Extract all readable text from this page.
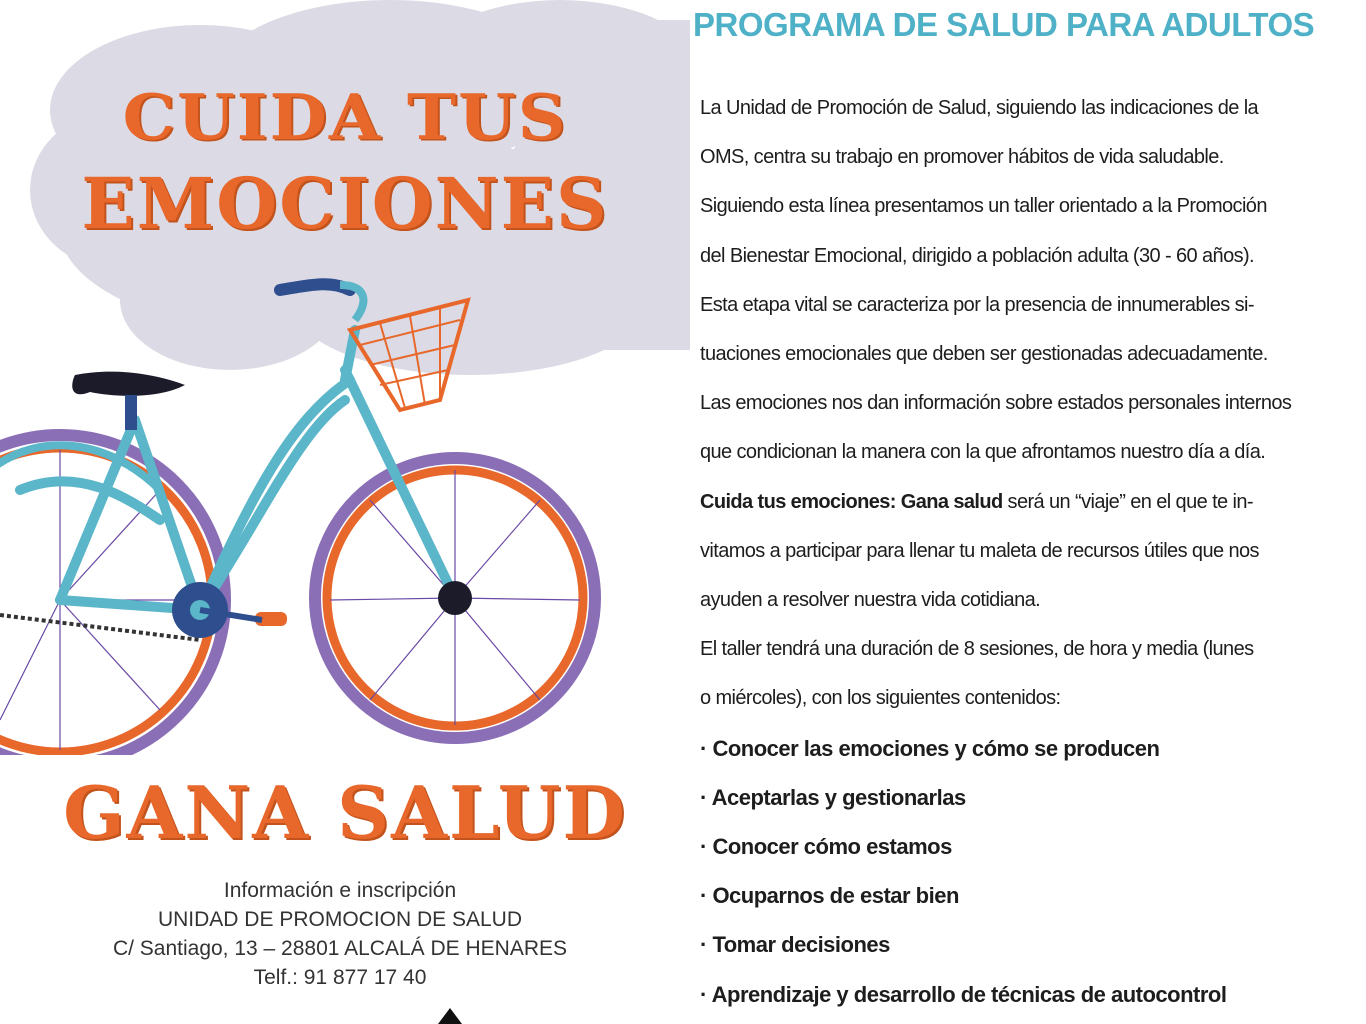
CUIDA TUS
EMOCIONES
GANA SALUD
Información e inscripción
UNIDAD DE PROMOCION DE SALUD
C/ Santiago, 13 – 28801 ALCALÁ DE HENARES
Telf.: 91 877 17 40
PROGRAMA DE SALUD PARA ADULTOS
La Unidad de Promoción de Salud, siguiendo las indicaciones de la
OMS, centra su trabajo en promover hábitos de vida saludable.
Siguiendo esta línea presentamos un taller orientado a la Promoción
del Bienestar Emocional, dirigido a población adulta (30 - 60 años).
Esta etapa vital se caracteriza por la presencia de innumerables si-
tuaciones emocionales que deben ser gestionadas adecuadamente.
Las emociones nos dan información sobre estados personales internos
que condicionan la manera con la que afrontamos nuestro día a día.
Cuida tus emociones: Gana salud será un “viaje” en el que te in-
vitamos a participar para llenar tu maleta de recursos útiles que nos
ayuden a resolver nuestra vida cotidiana.
El taller tendrá una duración de 8 sesiones, de hora y media (lunes
o miércoles), con los siguientes contenidos:
· Conocer las emociones y cómo se producen
· Aceptarlas y gestionarlas
· Conocer cómo estamos
· Ocuparnos de estar bien
· Tomar decisiones
· Aprendizaje y desarrollo de técnicas de autocontrol
